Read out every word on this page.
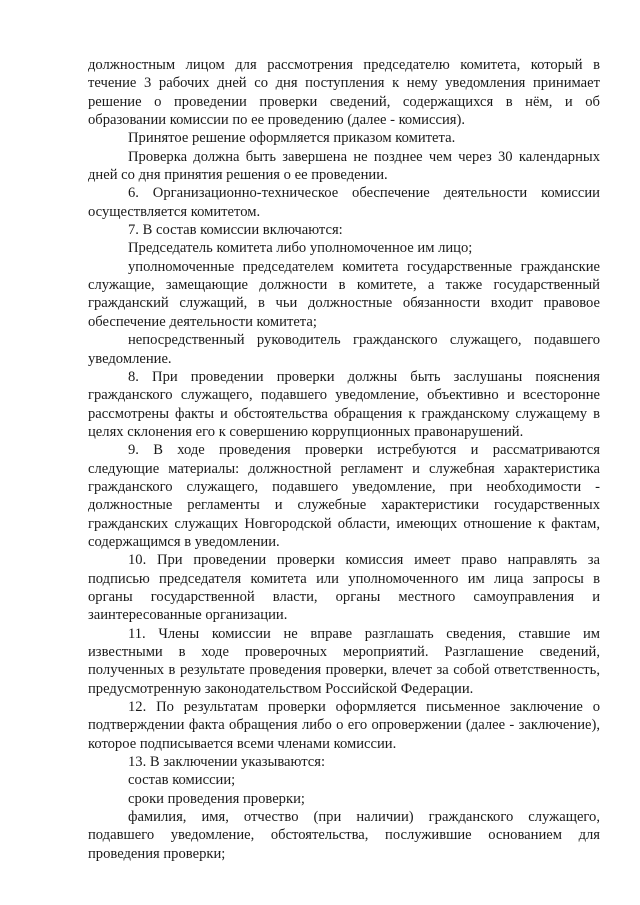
должностным лицом для рассмотрения председателю комитета, который в течение 3 рабочих дней со дня поступления к нему уведомления принимает решение о проведении проверки сведений, содержащихся в нём, и об образовании комиссии по ее проведению (далее - комиссия).

Принятое решение оформляется приказом комитета.

Проверка должна быть завершена не позднее чем через 30 календарных дней со дня принятия решения о ее проведении.

6. Организационно-техническое обеспечение деятельности комиссии осуществляется комитетом.

7. В состав комиссии включаются:

Председатель комитета либо уполномоченное им лицо;

уполномоченные председателем комитета государственные гражданские служащие, замещающие должности в комитете, а также государственный гражданский служащий, в чьи должностные обязанности входит правовое обеспечение деятельности комитета;

непосредственный руководитель гражданского служащего, подавшего уведомление.

8. При проведении проверки должны быть заслушаны пояснения гражданского служащего, подавшего уведомление, объективно и всесторонне рассмотрены факты и обстоятельства обращения к гражданскому служащему в целях склонения его к совершению коррупционных правонарушений.

9. В ходе проведения проверки истребуются и рассматриваются следующие материалы: должностной регламент и служебная характеристика гражданского служащего, подавшего уведомление, при необходимости - должностные регламенты и служебные характеристики государственных гражданских служащих Новгородской области, имеющих отношение к фактам, содержащимся в уведомлении.

10. При проведении проверки комиссия имеет право направлять за подписью председателя комитета или уполномоченного им лица запросы в органы государственной власти, органы местного самоуправления и заинтересованные организации.

11. Члены комиссии не вправе разглашать сведения, ставшие им известными в ходе проверочных мероприятий. Разглашение сведений, полученных в результате проведения проверки, влечет за собой ответственность, предусмотренную законодательством Российской Федерации.

12. По результатам проверки оформляется письменное заключение о подтверждении факта обращения либо о его опровержении (далее - заключение), которое подписывается всеми членами комиссии.

13. В заключении указываются:

состав комиссии;

сроки проведения проверки;

фамилия, имя, отчество (при наличии) гражданского служащего, подавшего уведомление, обстоятельства, послужившие основанием для проведения проверки;
